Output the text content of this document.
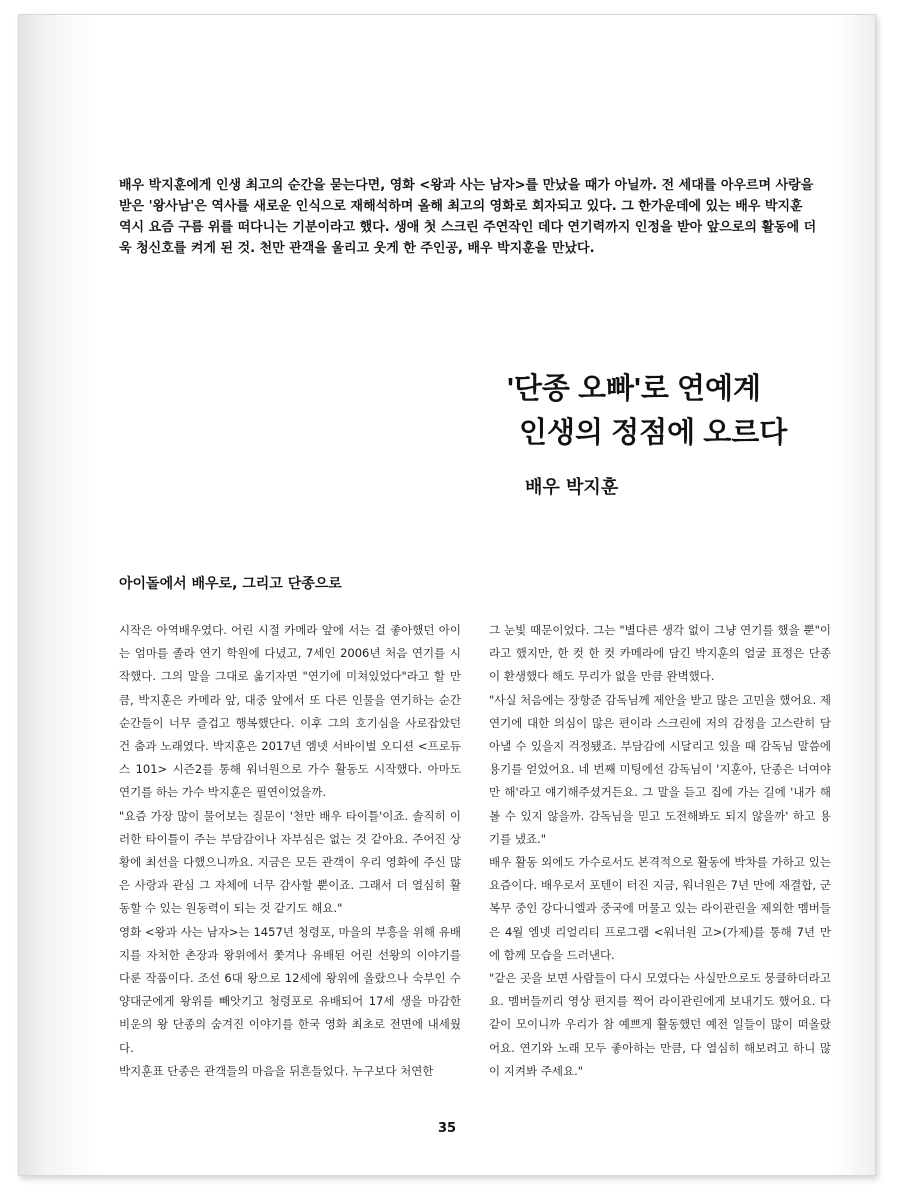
배우 박지훈에게 인생 최고의 순간을 묻는다면, 영화 <왕과 사는 남자>를 만났을 때가 아닐까. 전 세대를 아우르며 사랑을 받은 '왕사남'은 역사를 새로운 인식으로 재해석하며 올해 최고의 영화로 회자되고 있다. 그 한가운데에 있는 배우 박지훈 역시 요즘 구름 위를 떠다니는 기분이라고 했다. 생애 첫 스크린 주연작인 데다 연기력까지 인정을 받아 앞으로의 활동에 더욱 청신호를 켜게 된 것. 천만 관객을 울리고 웃게 한 주인공, 배우 박지훈을 만났다.

'단종 오빠'로 연예계
인생의 정점에 오르다
배우 박지훈
아이돌에서 배우로, 그리고 단종으로

시작은 아역배우였다. 어린 시절 카메라 앞에 서는 걸 좋아했던 아이는 엄마를 졸라 연기 학원에 다녔고, 7세인 2006년 처음 연기를 시작했다. 그의 말을 그대로 옮기자면 "연기에 미쳐있었다"라고 할 만큼, 박지훈은 카메라 앞, 대중 앞에서 또 다른 인물을 연기하는 순간순간들이 너무 즐겁고 행복했단다. 이후 그의 호기심을 사로잡았던 건 춤과 노래였다. 박지훈은 2017년 엠넷 서바이벌 오디션 <프로듀스 101> 시즌2를 통해 워너원으로 가수 활동도 시작했다. 아마도 연기를 하는 가수 박지훈은 필연이었을까.

"요즘 가장 많이 물어보는 질문이 '천만 배우 타이틀'이죠. 솔직히 이러한 타이틀이 주는 부담감이나 자부심은 없는 것 같아요. 주어진 상황에 최선을 다했으니까요. 지금은 모든 관객이 우리 영화에 주신 많은 사랑과 관심 그 자체에 너무 감사할 뿐이죠. 그래서 더 열심히 활동할 수 있는 원동력이 되는 것 같기도 해요."

영화 <왕과 사는 남자>는 1457년 청령포, 마을의 부흥을 위해 유배지를 자처한 촌장과 왕위에서 쫓겨나 유배된 어린 선왕의 이야기를 다룬 작품이다. 조선 6대 왕으로 12세에 왕위에 올랐으나 숙부인 수양대군에게 왕위를 빼앗기고 청령포로 유배되어 17세 생을 마감한 비운의 왕 단종의 숨겨진 이야기를 한국 영화 최초로 전면에 내세웠다.

박지훈표 단종은 관객들의 마음을 뒤흔들었다. 누구보다 처연한

그 눈빛 때문이었다. 그는 "별다른 생각 없이 그냥 연기를 했을 뿐"이라고 했지만, 한 컷 한 컷 카메라에 담긴 박지훈의 얼굴 표정은 단종이 환생했다 해도 무리가 없을 만큼 완벽했다.

"사실 처음에는 장항준 감독님께 제안을 받고 많은 고민을 했어요. 제 연기에 대한 의심이 많은 편이라 스크린에 저의 감정을 고스란히 담아낼 수 있을지 걱정됐죠. 부담감에 시달리고 있을 때 감독님 말씀에 용기를 얻었어요. 네 번째 미팅에선 감독님이 '지훈아, 단종은 너여야만 해'라고 얘기해주셨거든요. 그 말을 듣고 집에 가는 길에 '내가 해볼 수 있지 않을까. 감독님을 믿고 도전해봐도 되지 않을까' 하고 용기를 냈죠."

배우 활동 외에도 가수로서도 본격적으로 활동에 박차를 가하고 있는 요즘이다. 배우로서 포텐이 터진 지금, 워너원은 7년 만에 재결합, 군 복무 중인 강다니엘과 중국에 머물고 있는 라이관린을 제외한 멤버들은 4월 엠넷 리얼리티 프로그램 <워너원 고>(가제)를 통해 7년 만에 함께 모습을 드러낸다.

"같은 곳을 보면 사람들이 다시 모였다는 사실만으로도 뭉클하더라고요. 멤버들끼리 영상 편지를 찍어 라이관린에게 보내기도 했어요. 다 같이 모이니까 우리가 참 예쁘게 활동했던 예전 일들이 많이 떠올랐어요. 연기와 노래 모두 좋아하는 만큼, 다 열심히 해보려고 하니 많이 지켜봐 주세요."

35
